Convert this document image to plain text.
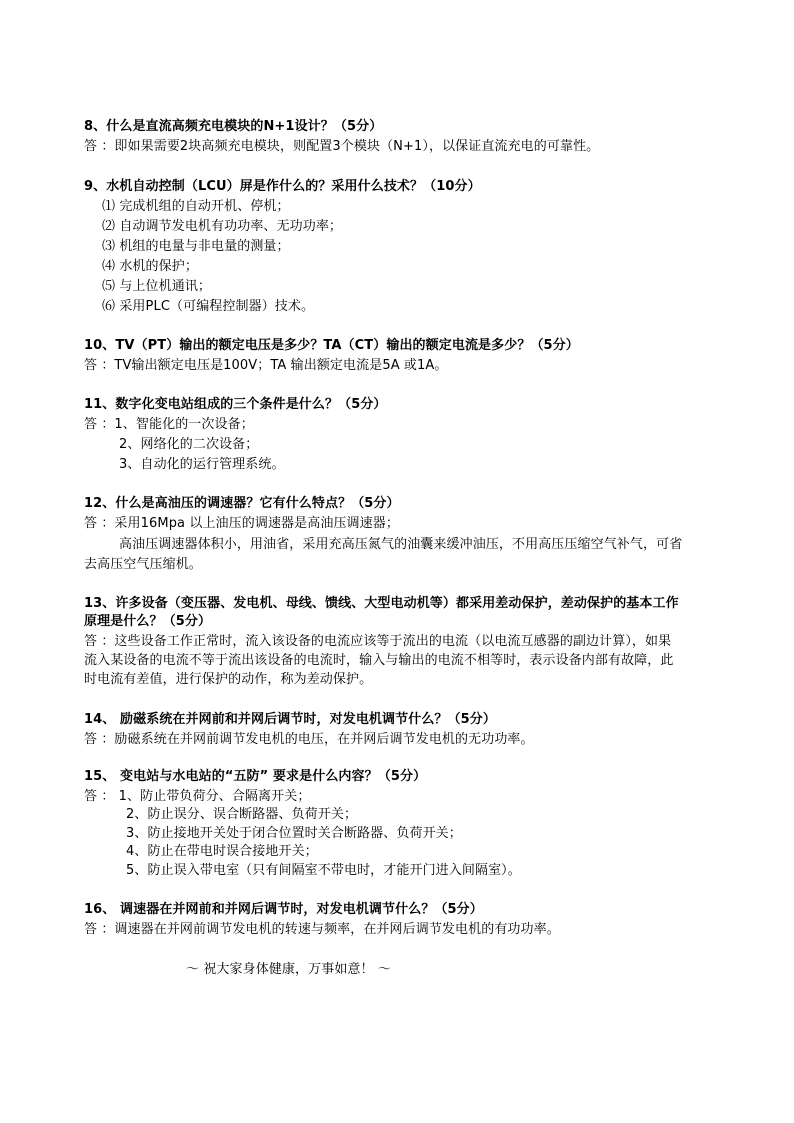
8、什么是直流高频充电模块的N+1设计？（5分）
答 ：即如果需要2块高频充电模块，则配置3个模块（N+1），以保证直流充电的可靠性。
9、水机自动控制（LCU）屏是作什么的？采用什么技术？（10分）
⑴ 完成机组的自动开机、停机；
⑵ 自动调节发电机有功功率、无功功率；
⑶ 机组的电量与非电量的测量；
⑷ 水机的保护；
⑸ 与上位机通讯；
⑹ 采用PLC（可编程控制器）技术。
10、TV（PT）输出的额定电压是多少？TA（CT）输出的额定电流是多少？（5分）
答 ：TV输出额定电压是100V；TA 输出额定电流是5A 或1A。
11、数字化变电站组成的三个条件是什么？（5分）
答 ：1、智能化的一次设备；
2、网络化的二次设备；
3、自动化的运行管理系统。
12、什么是高油压的调速器？它有什么特点？（5分）
答 ：采用16Mpa 以上油压的调速器是高油压调速器；
高油压调速器体积小，用油省，采用充高压氮气的油囊来缓冲油压，不用高压压缩空气补气，可省
去高压空气压缩机。
13、许多设备（变压器、发电机、母线、馈线、大型电动机等）都采用差动保护，差动保护的基本工作
原理是什么？（5分）
答 ：这些设备工作正常时，流入该设备的电流应该等于流出的电流（以电流互感器的副边计算），如果
流入某设备的电流不等于流出该设备的电流时，输入与输出的电流不相等时，表示设备内部有故障，此
时电流有差值，进行保护的动作，称为差动保护。
14、 励磁系统在并网前和并网后调节时，对发电机调节什么？（5分）
答 ：励磁系统在并网前调节发电机的电压，在并网后调节发电机的无功功率。
15、 变电站与水电站的“五防” 要求是什么内容？（5分）
答 ： 1、防止带负荷分、合隔离开关；
2、防止误分、误合断路器、负荷开关；
3、防止接地开关处于闭合位置时关合断路器、负荷开关；
4、防止在带电时误合接地开关；
5、防止误入带电室（只有间隔室不带电时，才能开门进入间隔室）。
16、 调速器在并网前和并网后调节时，对发电机调节什么？（5分）
答 ：调速器在并网前调节发电机的转速与频率，在并网后调节发电机的有功功率。
～ 祝大家身体健康，万事如意！ ～
